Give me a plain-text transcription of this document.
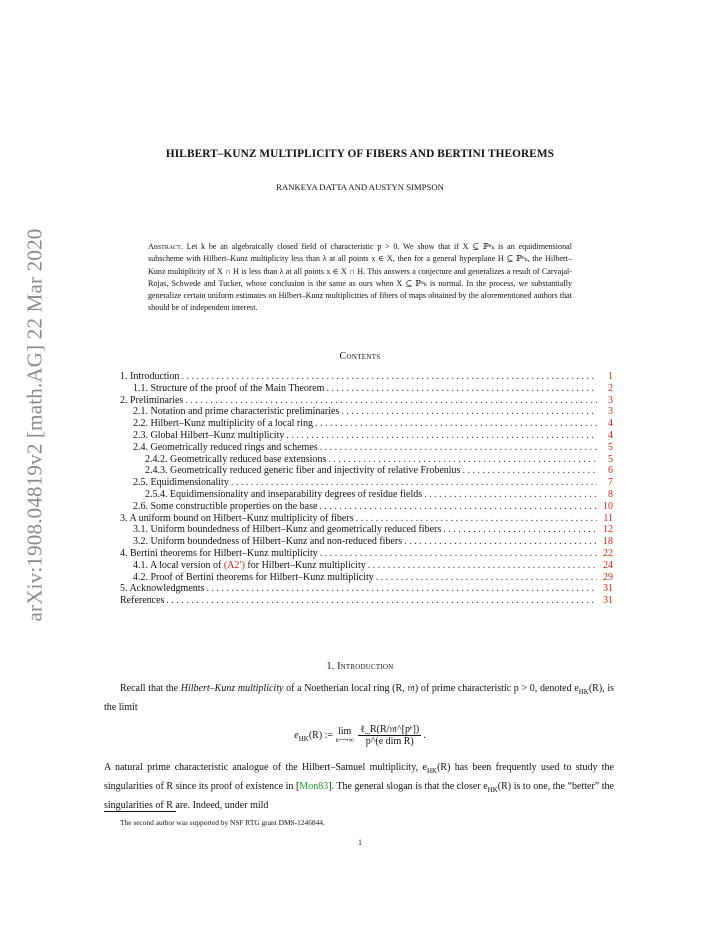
arXiv:1908.04819v2 [math.AG] 22 Mar 2020
HILBERT–KUNZ MULTIPLICITY OF FIBERS AND BERTINI THEOREMS
RANKEYA DATTA AND AUSTYN SIMPSON
Abstract. Let k be an algebraically closed field of characteristic p > 0. We show that if X ⊆ ℙⁿₖ is an equidimensional subscheme with Hilbert–Kunz multiplicity less than λ at all points x ∈ X, then for a general hyperplane H ⊆ ℙⁿₖ, the Hilbert–Kunz multiplicity of X ∩ H is less than λ at all points x ∈ X ∩ H. This answers a conjecture and generalizes a result of Carvajal-Rojas, Schwede and Tucker, whose conclusion is the same as ours when X ⊆ ℙⁿₖ is normal. In the process, we substantially generalize certain uniform estimates on Hilbert–Kunz multiplicities of fibers of maps obtained by the aforementioned authors that should be of independent interest.
Contents
1. Introduction . . .	1
1.1. Structure of the proof of the Main Theorem . . .	2
2. Preliminaries . . .	3
2.1. Notation and prime characteristic preliminaries . . .	3
2.2. Hilbert–Kunz multiplicity of a local ring . . .	4
2.3. Global Hilbert–Kunz multiplicity . . .	4
2.4. Geometrically reduced rings and schemes . . .	5
2.4.2. Geometrically reduced base extensions . . .	5
2.4.3. Geometrically reduced generic fiber and injectivity of relative Frobenius . . .	6
2.5. Equidimensionality . . .	7
2.5.4. Equidimensionality and inseparability degrees of residue fields . . .	8
2.6. Some constructible properties on the base . . .	10
3. A uniform bound on Hilbert–Kunz multiplicity of fibers . . .	11
3.1. Uniform boundedness of Hilbert–Kunz and geometrically reduced fibers . . .	12
3.2. Uniform boundedness of Hilbert–Kunz and non-reduced fibers . . .	18
4. Bertini theorems for Hilbert–Kunz multiplicity . . .	22
4.1. A local version of (A2′) for Hilbert–Kunz multiplicity . . .	24
4.2. Proof of Bertini theorems for Hilbert–Kunz multiplicity . . .	29
5. Acknowledgments . . .	31
References . . .	31
1. Introduction
Recall that the Hilbert–Kunz multiplicity of a Noetherian local ring (R, 𝔪) of prime characteristic p > 0, denoted $e_{HK}(R)$, is the limit
$e_{HK}(R)$ := lim
e⟶∞
$\frac{\text{ℓ\_R(R/𝔪\textasciicircum{}[pᵉ])}}{\text{p\textasciicircum{}(e dim R)}}$ .
A natural prime characteristic analogue of the Hilbert–Samuel multiplicity, $e_{HK}(R)$ has been frequently used to study the singularities of R since its proof of existence in [Mon83]. The general slogan is that the closer $e_{HK}(R)$ is to one, the “better” the singularities of R are. Indeed, under mild
The second author was supported by NSF RTG grant DMS-1246844.
1
